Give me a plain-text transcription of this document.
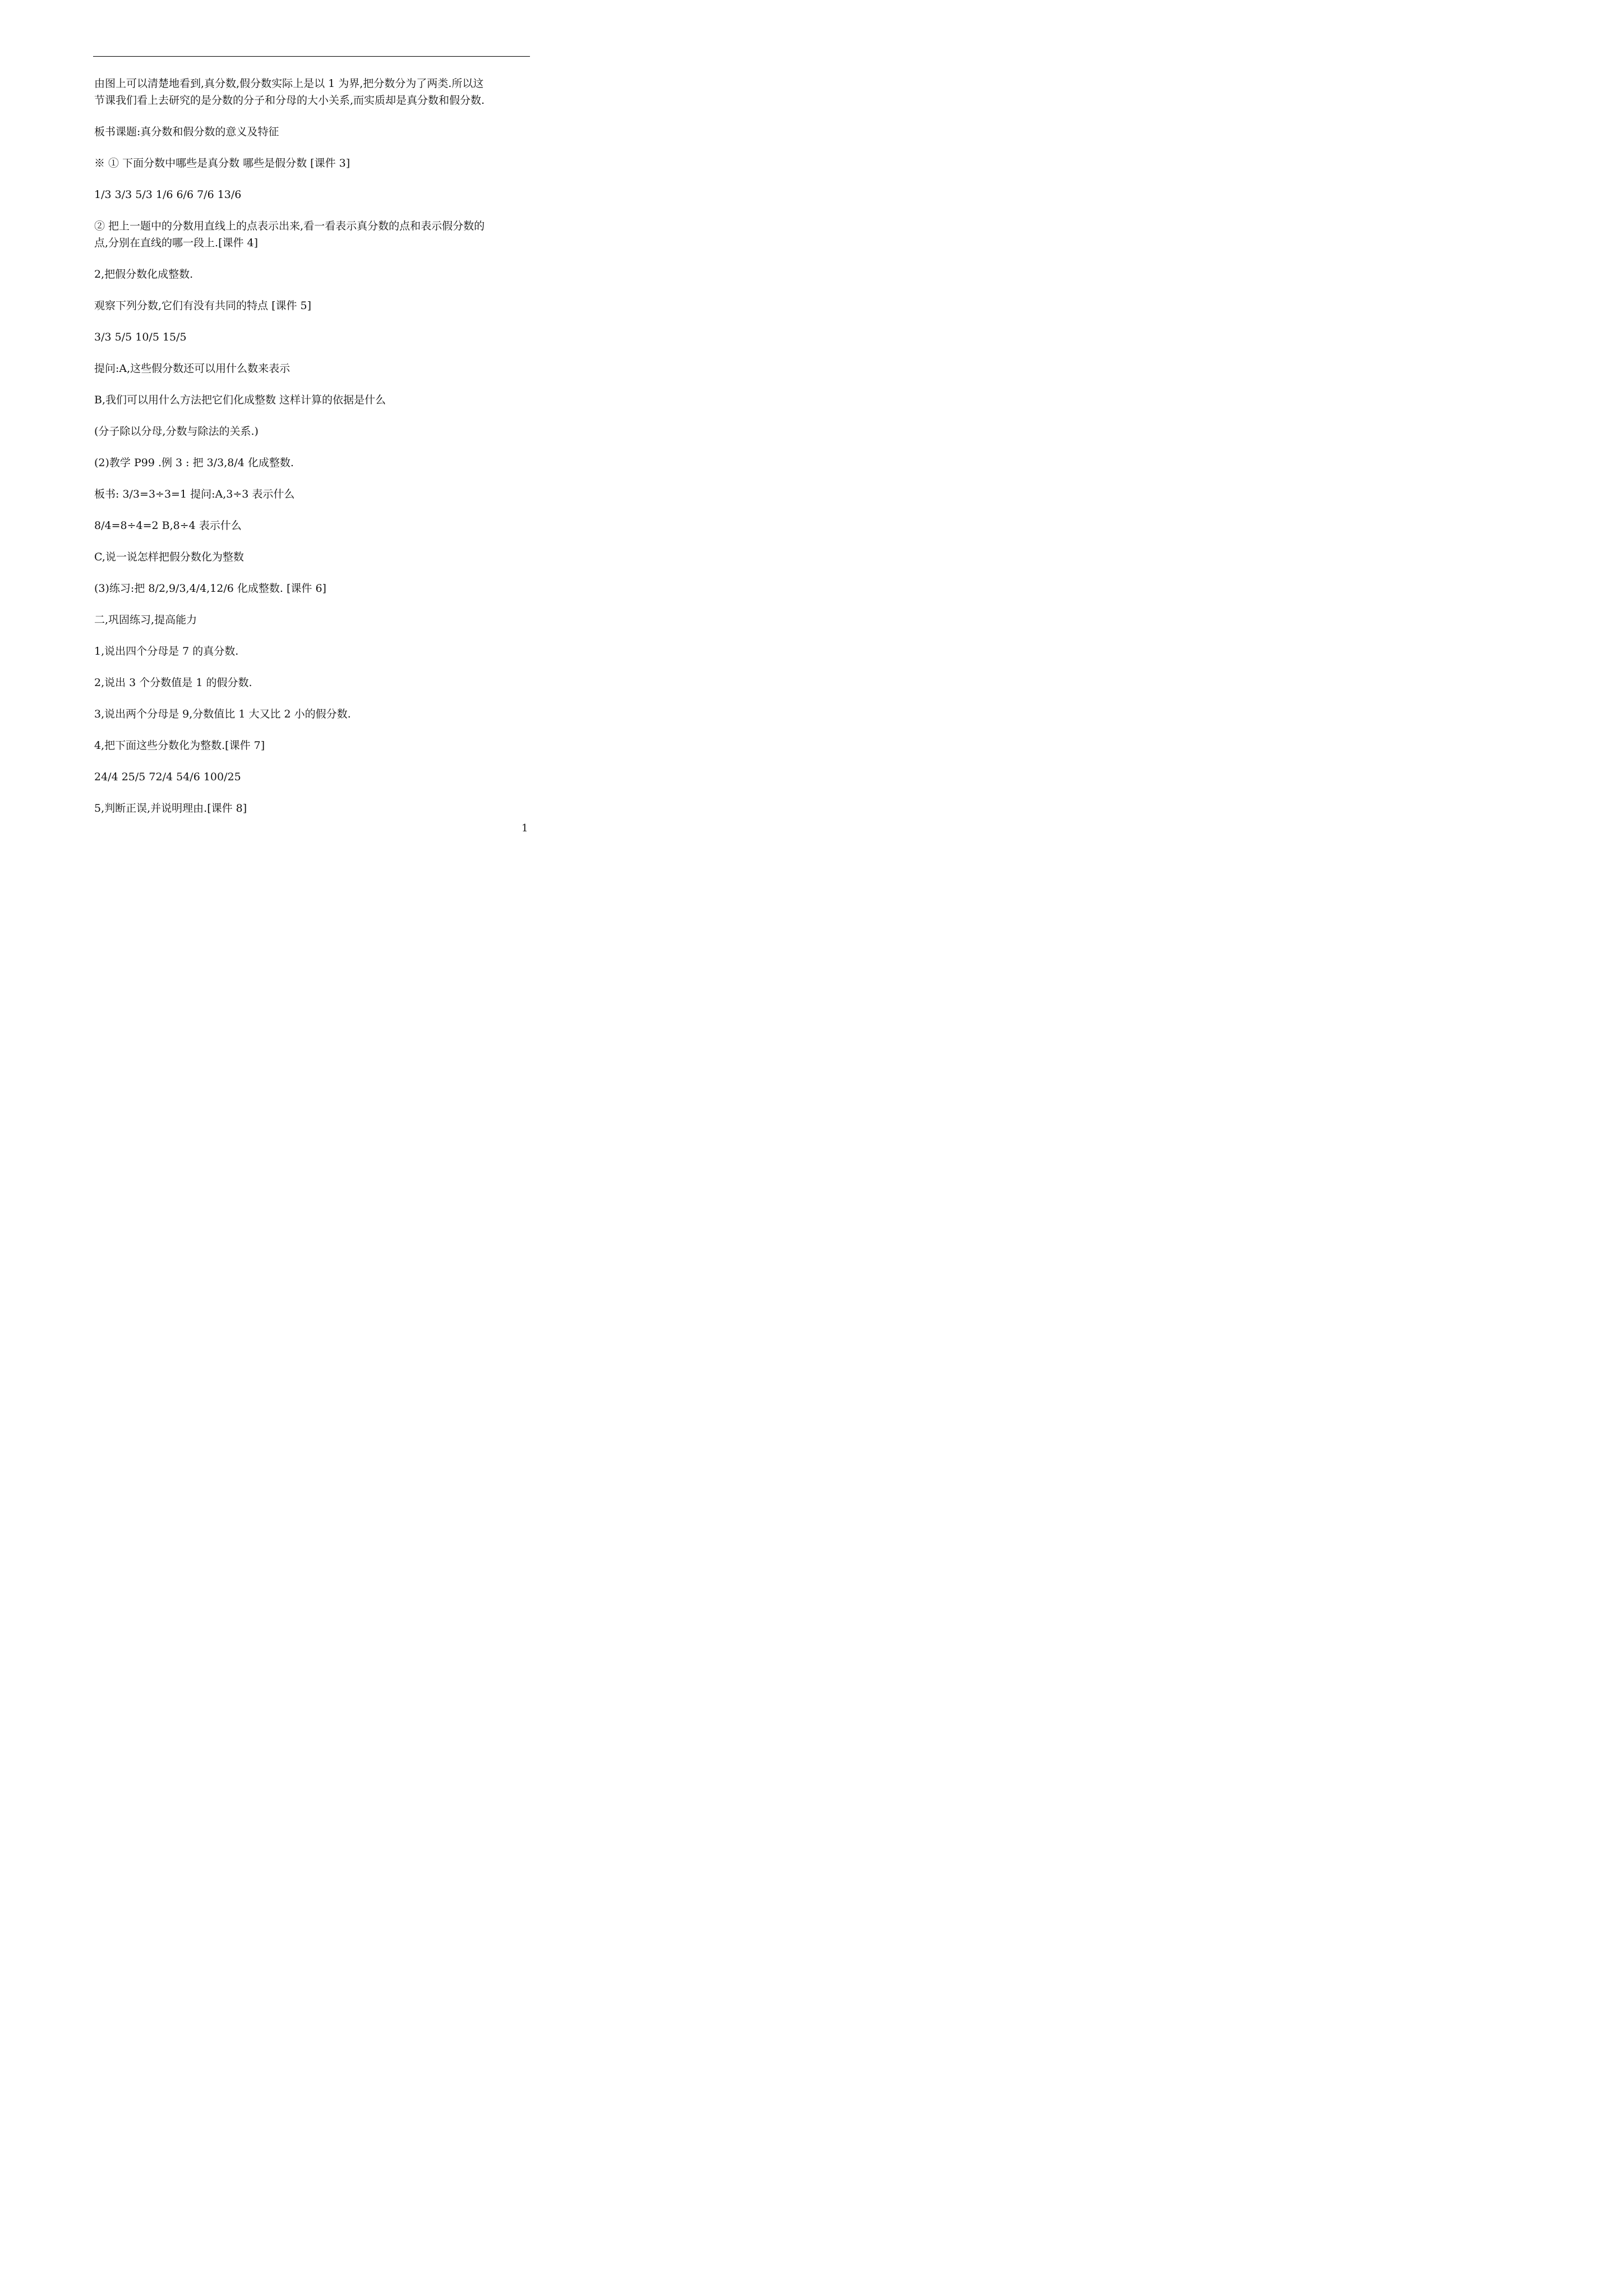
由图上可以清楚地看到,真分数,假分数实际上是以 1 为界,把分数分为了两类.所以这
节课我们看上去研究的是分数的分子和分母的大小关系,而实质却是真分数和假分数.

板书课题:真分数和假分数的意义及特征

※ ① 下面分数中哪些是真分数 哪些是假分数 [课件 3]

1/3 3/3 5/3 1/6 6/6 7/6 13/6

② 把上一题中的分数用直线上的点表示出来,看一看表示真分数的点和表示假分数的
点,分别在直线的哪一段上.[课件 4]

2,把假分数化成整数.

观察下列分数,它们有没有共同的特点 [课件 5]

3/3 5/5 10/5 15/5

提问:A,这些假分数还可以用什么数来表示

B,我们可以用什么方法把它们化成整数 这样计算的依据是什么

(分子除以分母,分数与除法的关系.)

(2)教学 P99 .例 3 : 把 3/3,8/4 化成整数.

板书: 3/3=3÷3=1 提问:A,3÷3 表示什么

8/4=8÷4=2 B,8÷4 表示什么

C,说一说怎样把假分数化为整数

(3)练习:把 8/2,9/3,4/4,12/6 化成整数. [课件 6]

二,巩固练习,提高能力

1,说出四个分母是 7 的真分数.

2,说出 3 个分数值是 1 的假分数.

3,说出两个分母是 9,分数值比 1 大又比 2 小的假分数.

4,把下面这些分数化为整数.[课件 7]

24/4 25/5 72/4 54/6 100/25

5,判断正误,并说明理由.[课件 8]

1
